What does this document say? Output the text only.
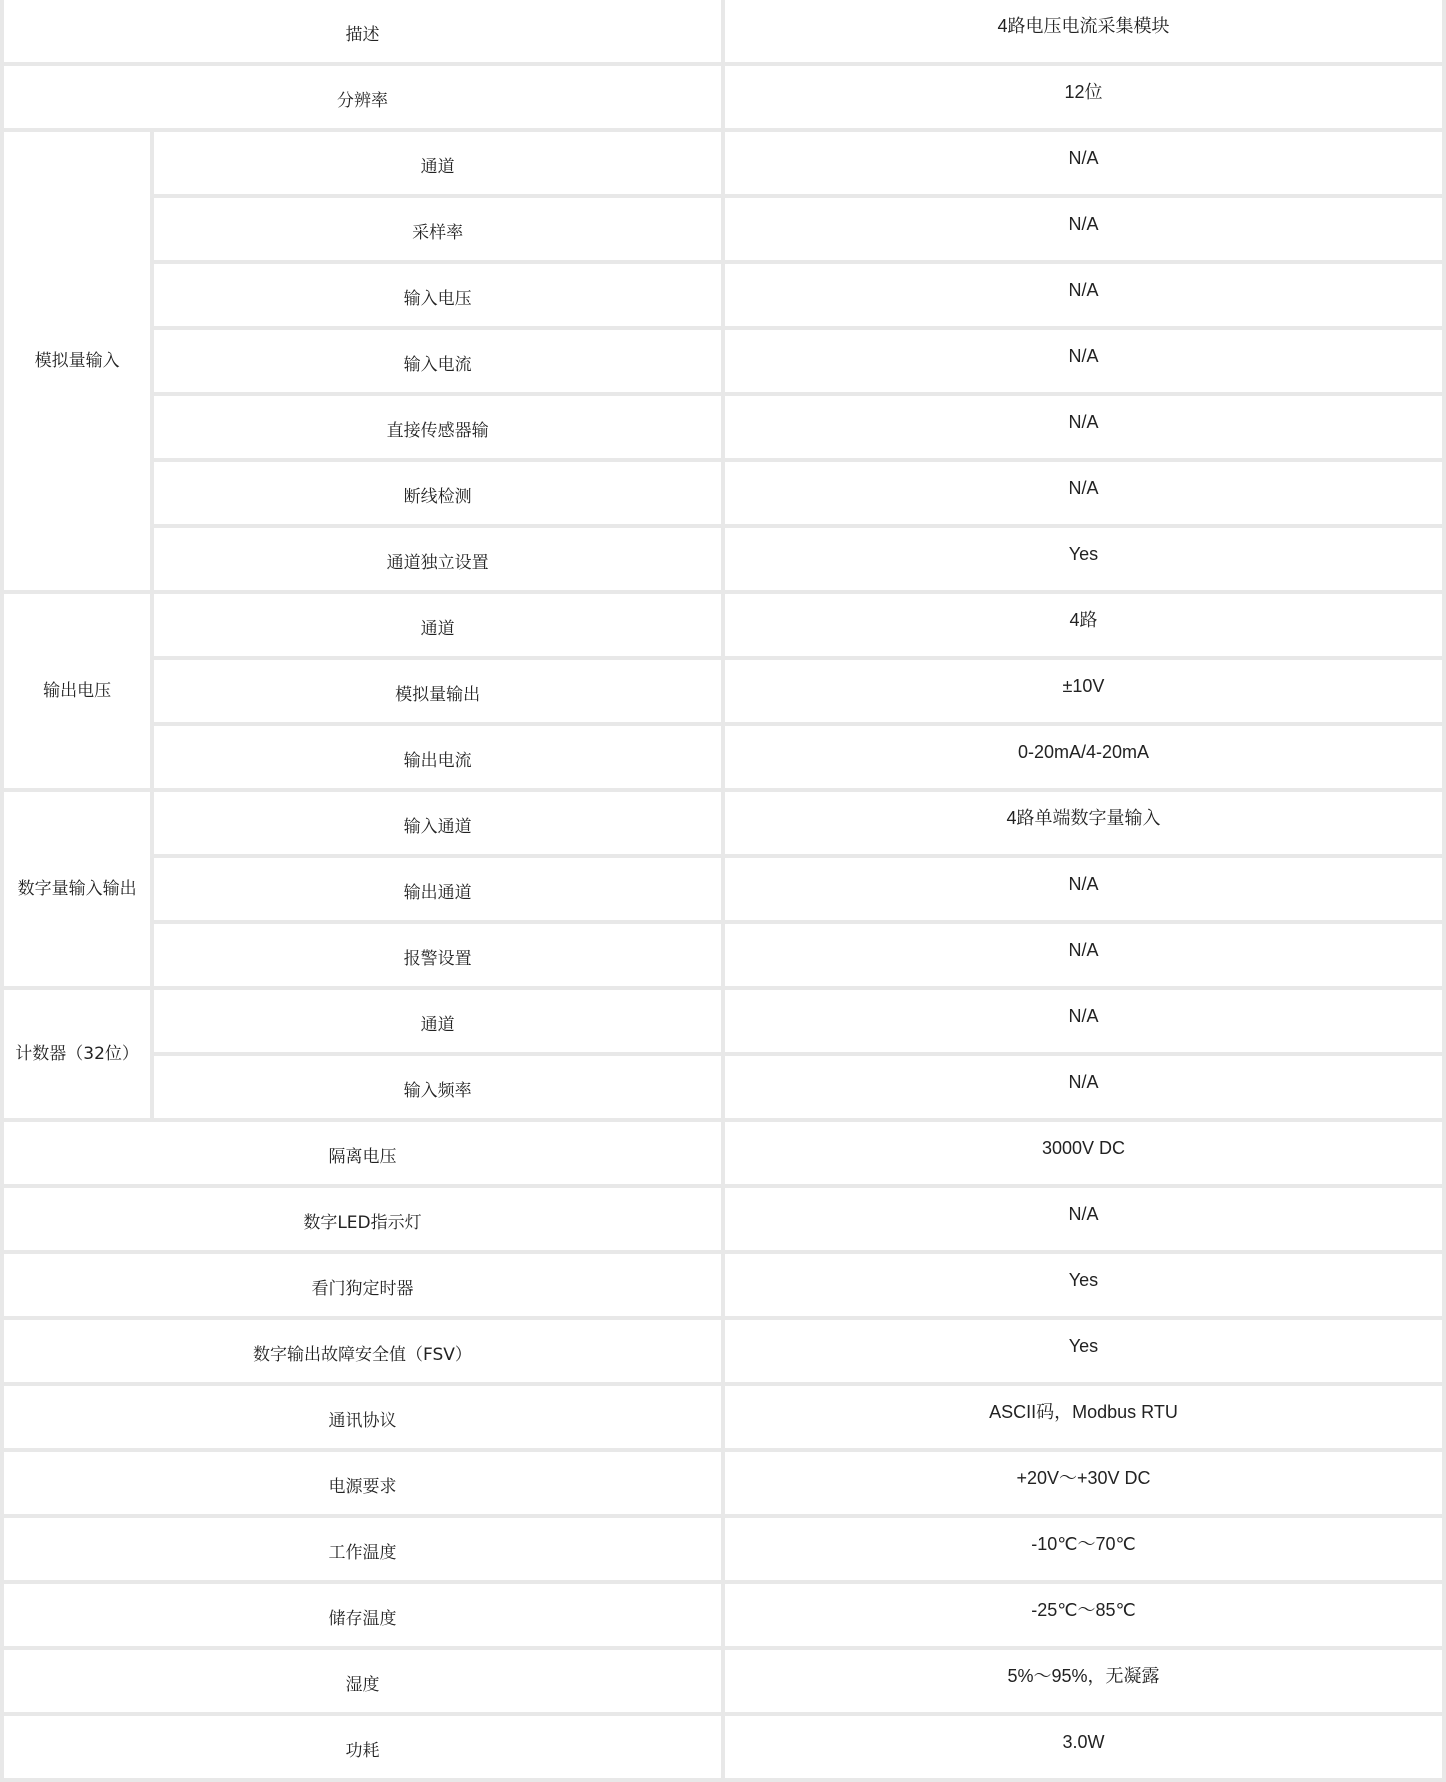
描述		4路电压电流采集模块
分辨率		12位
模拟量输入	通道	N/A
	采样率	N/A
	输入电压	N/A
	输入电流	N/A
	直接传感器输	N/A
	断线检测	N/A
	通道独立设置	Yes
输出电压	通道	4路
	模拟量输出	±10V
	输出电流	0-20mA/4-20mA
数字量输入输出	输入通道	4路单端数字量输入
	输出通道	N/A
	报警设置	N/A
计数器（32位）	通道	N/A
	输入频率	N/A
隔离电压		3000V DC
数字LED指示灯		N/A
看门狗定时器		Yes
数字输出故障安全值（FSV）		Yes
通讯协议		ASCII码，Modbus RTU
电源要求		+20V～+30V DC
工作温度		-10℃～70℃
储存温度		-25℃～85℃
湿度		5%～95%，无凝露
功耗		3.0W
